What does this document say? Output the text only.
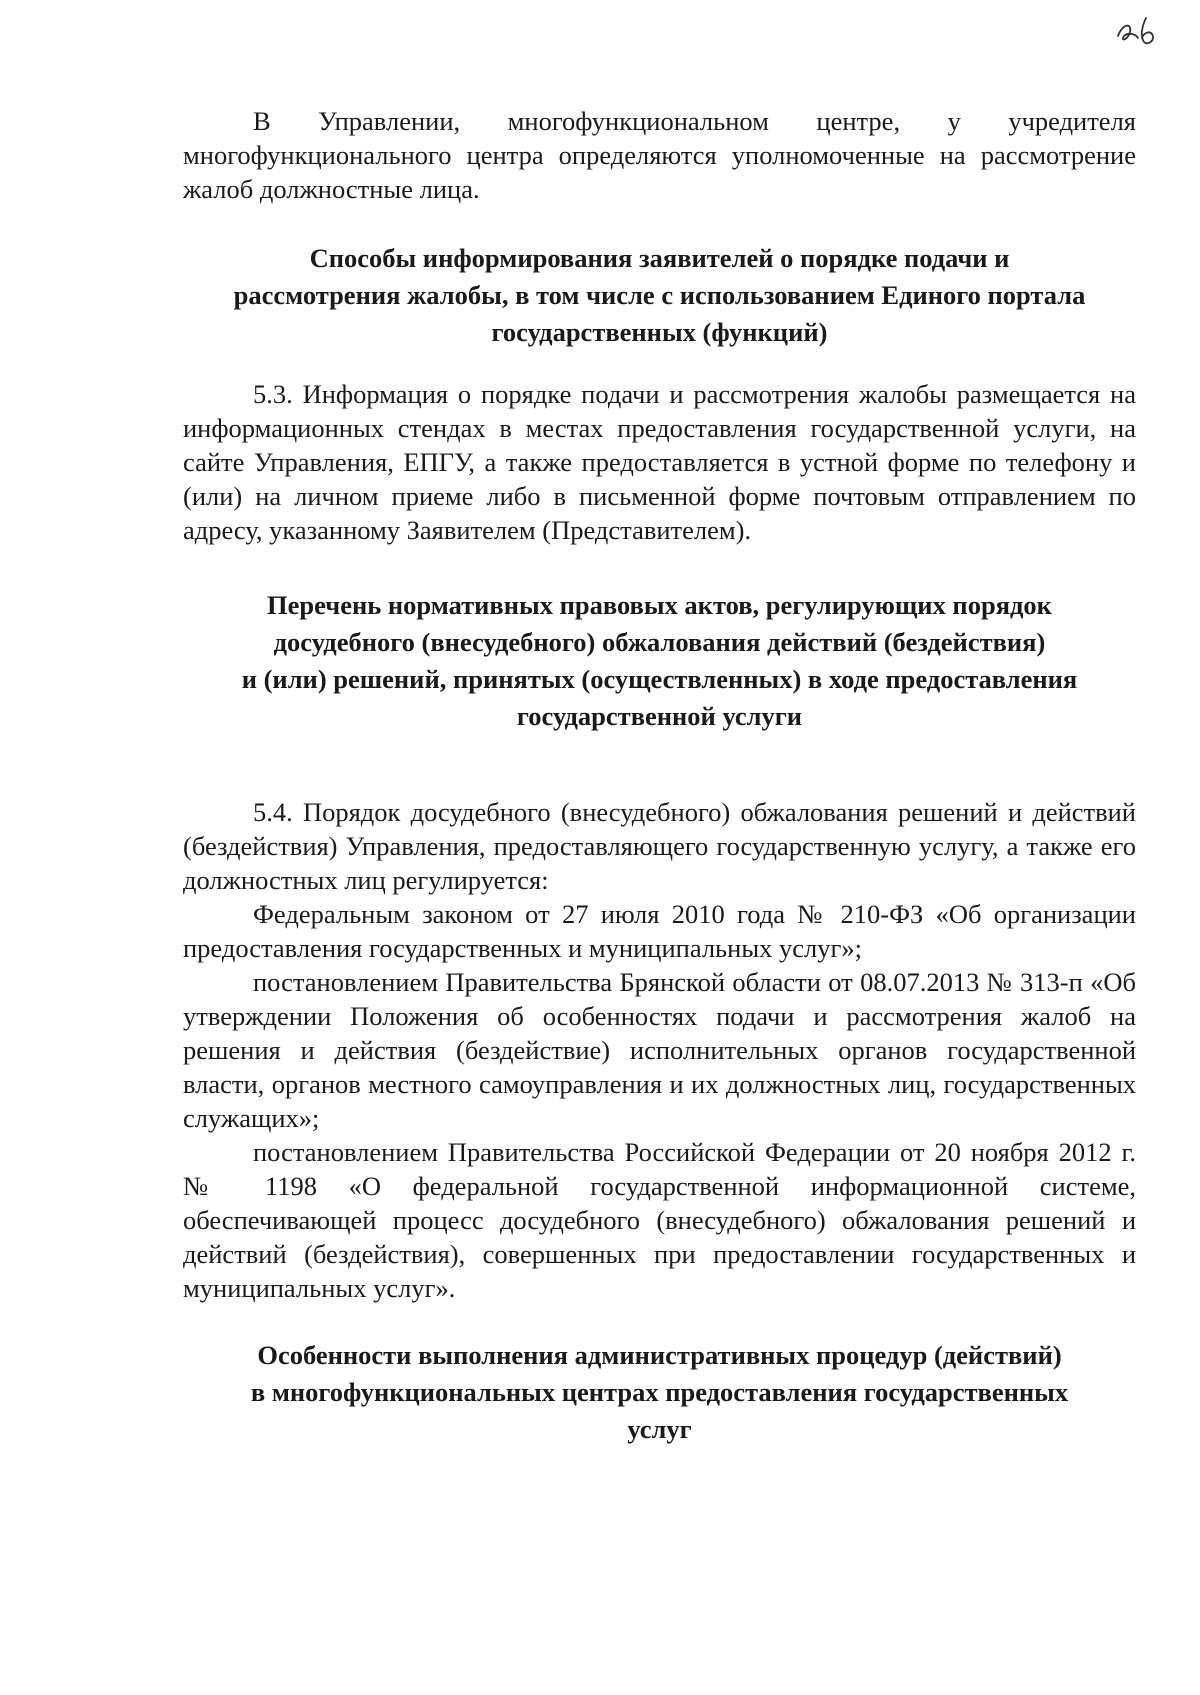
В Управлении, многофункциональном центре, у учредителя многофункционального центра определяются уполномоченные на рассмотрение жалоб должностные лица.

Способы информирования заявителей о порядке подачи и
рассмотрения жалобы, в том числе с использованием Единого портала
государственных (функций)

5.3. Информация о порядке подачи и рассмотрения жалобы размещается на информационных стендах в местах предоставления государственной услуги, на сайте Управления, ЕПГУ, а также предоставляется в устной форме по телефону и (или) на личном приеме либо в письменной форме почтовым отправлением по адресу, указанному Заявителем (Представителем).

Перечень нормативных правовых актов, регулирующих порядок
досудебного (внесудебного) обжалования действий (бездействия)
и (или) решений, принятых (осуществленных) в ходе предоставления
государственной услуги

5.4. Порядок досудебного (внесудебного) обжалования решений и действий (бездействия) Управления, предоставляющего государственную услугу, а также его должностных лиц регулируется:

Федеральным законом от 27 июля 2010 года № 210-ФЗ «Об организации предоставления государственных и муниципальных услуг»;

постановлением Правительства Брянской области от 08.07.2013 № 313-п «Об утверждении Положения об особенностях подачи и рассмотрения жалоб на решения и действия (бездействие) исполнительных органов государственной власти, органов местного самоуправления и их должностных лиц, государственных служащих»;

постановлением Правительства Российской Федерации от 20 ноября 2012 г. № 1198 «О федеральной государственной информационной системе, обеспечивающей процесс досудебного (внесудебного) обжалования решений и действий (бездействия), совершенных при предоставлении государственных и муниципальных услуг».

Особенности выполнения административных процедур (действий)
в многофункциональных центрах предоставления государственных
услуг
